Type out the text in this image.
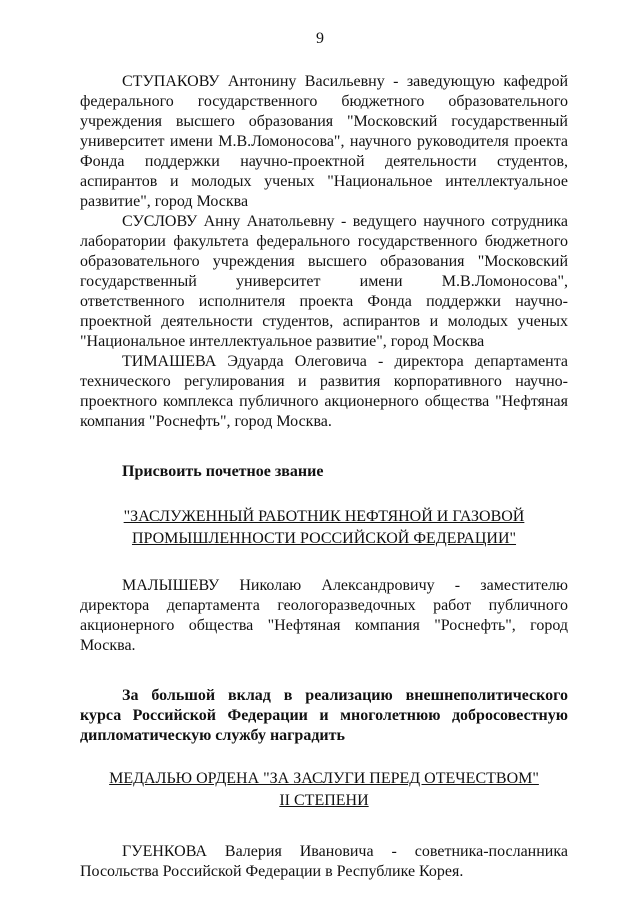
9

СТУПАКОВУ Антонину Васильевну - заведующую кафедрой федерального государственного бюджетного образовательного учреждения высшего образования "Московский государственный университет имени М.В.Ломоносова", научного руководителя проекта Фонда поддержки научно-проектной деятельности студентов, аспирантов и молодых ученых "Национальное интеллектуальное развитие", город Москва

СУСЛОВУ Анну Анатольевну - ведущего научного сотрудника лаборатории факультета федерального государственного бюджетного образовательного учреждения высшего образования "Московский государственный университет имени М.В.Ломоносова", ответственного исполнителя проекта Фонда поддержки научно-проектной деятельности студентов, аспирантов и молодых ученых "Национальное интеллектуальное развитие", город Москва

ТИМАШЕВА Эдуарда Олеговича - директора департамента технического регулирования и развития корпоративного научно-проектного комплекса публичного акционерного общества "Нефтяная компания "Роснефть", город Москва.

Присвоить почетное звание

"ЗАСЛУЖЕННЫЙ РАБОТНИК НЕФТЯНОЙ И ГАЗОВОЙ ПРОМЫШЛЕННОСТИ РОССИЙСКОЙ ФЕДЕРАЦИИ"

МАЛЫШЕВУ Николаю Александровичу - заместителю директора департамента геологоразведочных работ публичного акционерного общества "Нефтяная компания "Роснефть", город Москва.

За большой вклад в реализацию внешнеполитического курса Российской Федерации и многолетнюю добросовестную дипломатическую службу наградить

МЕДАЛЬЮ ОРДЕНА "ЗА ЗАСЛУГИ ПЕРЕД ОТЕЧЕСТВОМ"
II СТЕПЕНИ

ГУЕНКОВА Валерия Ивановича - советника-посланника Посольства Российской Федерации в Республике Корея.
